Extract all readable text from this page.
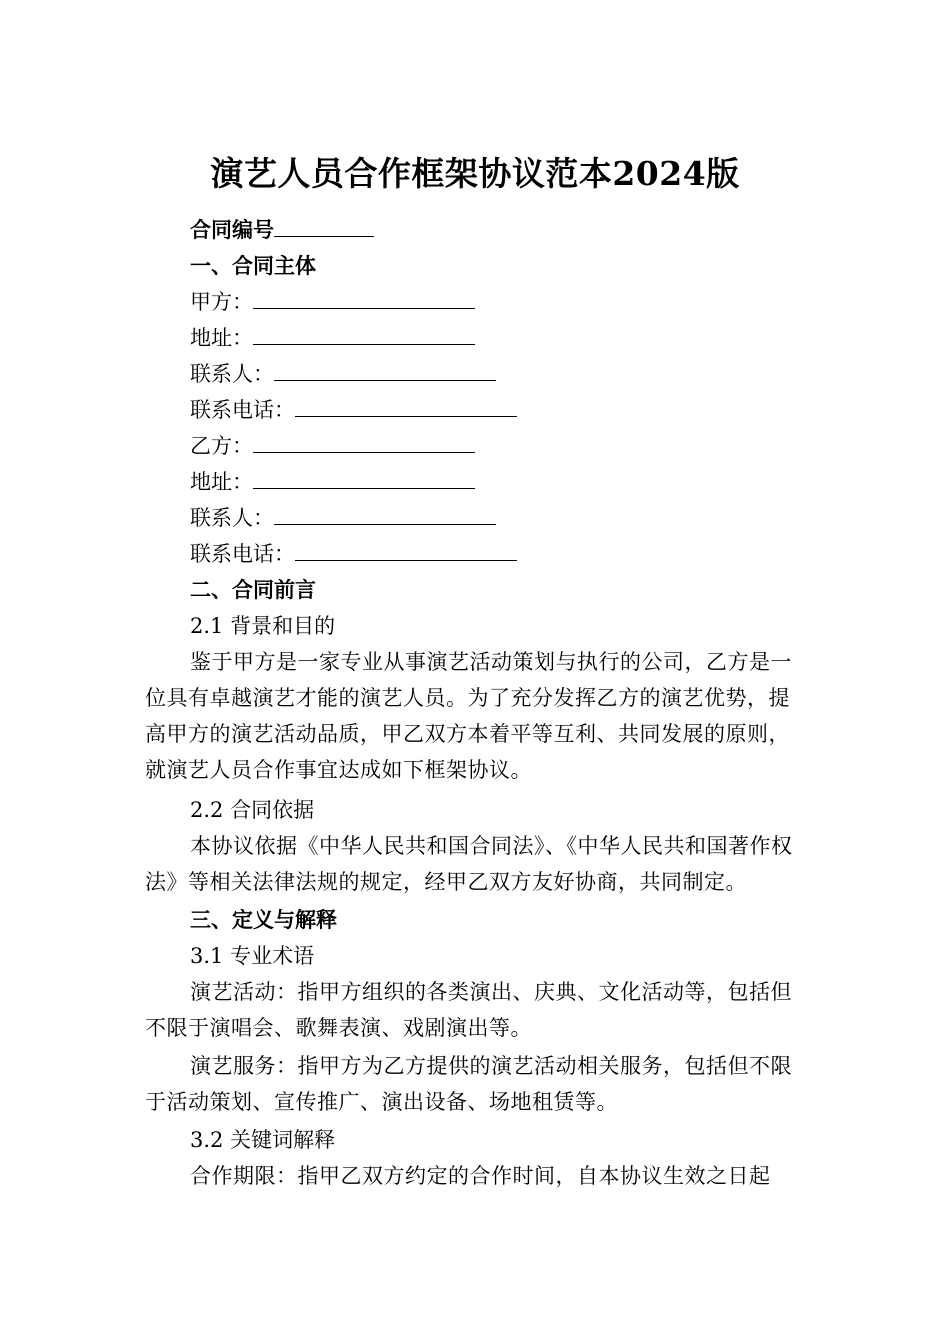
演艺人员合作框架协议范本2024版
合同编号
一、合同主体
甲方：
地址：
联系人：
联系电话：
乙方：
地址：
联系人：
联系电话：
二、合同前言
2.1 背景和目的
鉴于甲方是一家专业从事演艺活动策划与执行的公司，乙方是一位具有卓越演艺才能的演艺人员。为了充分发挥乙方的演艺优势，提高甲方的演艺活动品质，甲乙双方本着平等互利、共同发展的原则，就演艺人员合作事宜达成如下框架协议。
2.2 合同依据
本协议依据《中华人民共和国合同法》、《中华人民共和国著作权法》等相关法律法规的规定，经甲乙双方友好协商，共同制定。
三、定义与解释
3.1 专业术语
演艺活动：指甲方组织的各类演出、庆典、文化活动等，包括但不限于演唱会、歌舞表演、戏剧演出等。
演艺服务：指甲方为乙方提供的演艺活动相关服务，包括但不限于活动策划、宣传推广、演出设备、场地租赁等。
3.2 关键词解释
合作期限：指甲乙双方约定的合作时间，自本协议生效之日起
